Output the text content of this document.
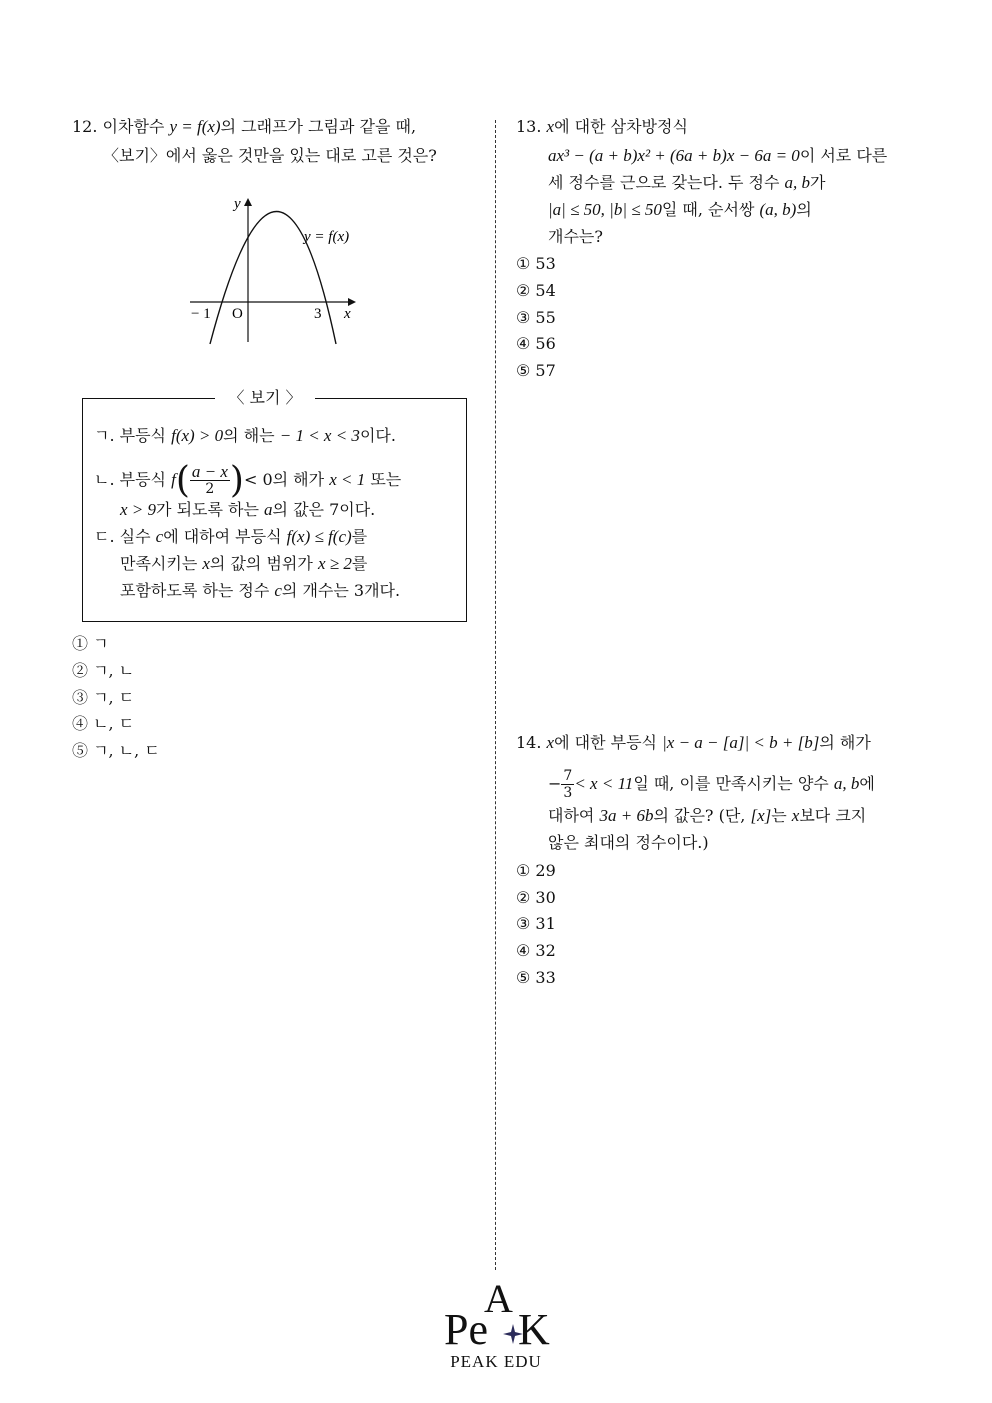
12. 이차함수 y = f(x)의 그래프가 그림과 같을 때,
〈보기〉에서 옳은 것만을 있는 대로 고른 것은?
y
x
y = f(x)
− 1 O	3
〈 보기 〉
ㄱ. 부등식 f(x) > 0의 해는 − 1 < x < 3이다.
ㄴ. 부등식 $f( \frac{a - x}{2}$ )< 0의 해가 x < 1 또는
x > 9가 되도록 하는 a의 값은 7이다.
ㄷ. 실수 c에 대하여 부등식 f(x) ≤ f(c)를
만족시키는 x의 값의 범위가 x ≥ 2를
포함하도록 하는 정수 c의 개수는 3개다.
① ㄱ
② ㄱ, ㄴ
③ ㄱ, ㄷ
④ ㄴ, ㄷ
⑤ ㄱ, ㄴ, ㄷ
13. x에 대한 삼차방정식
ax³ − (a + b)x² + (6a + b)x − 6a = 0이 서로 다른
세 정수를 근으로 갖는다. 두 정수 a, b가
|a| ≤ 50, |b| ≤ 50일 때, 순서쌍 (a, b)의
개수는?
① 53
② 54
③ 55
④ 56
⑤ 57
14. x에 대한 부등식 |x − a − [a]| < b + [b]의 해가
− $\frac{7}{3} < x < 11$일 때, 이를 만족시키는 양수 a, b에
대하여 3a + 6b의 값은? (단, [x]는 x보다 크지
않은 최대의 정수이다.)
① 29
② 30
③ 31
④ 32
⑤ 33
A
Pe K
PEAK EDU
